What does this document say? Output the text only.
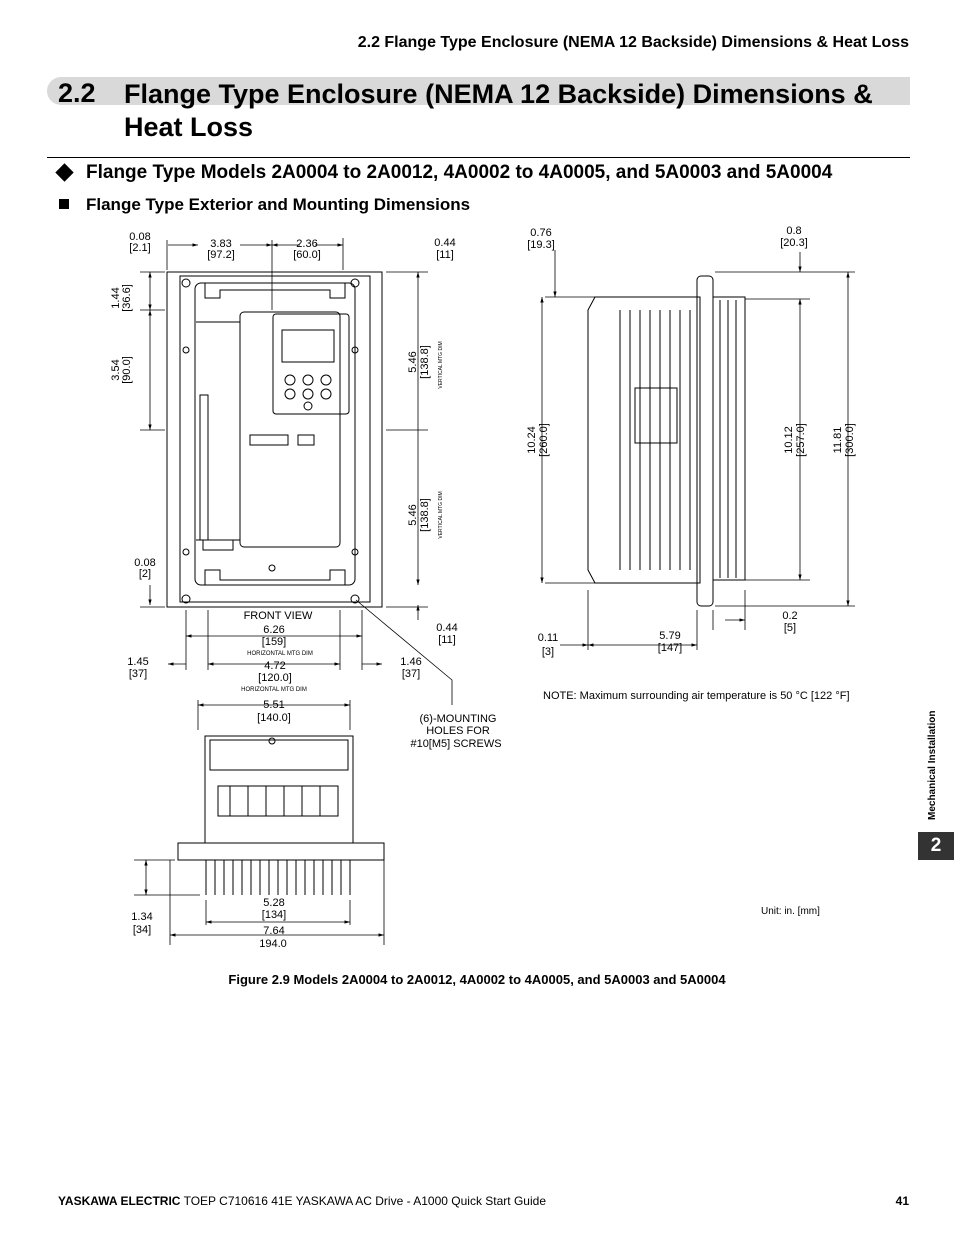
2.2 Flange Type Enclosure (NEMA 12 Backside) Dimensions & Heat Loss
2.2 Flange Type Enclosure (NEMA 12 Backside) Dimensions & Heat Loss
Flange Type Models 2A0004 to 2A0012, 4A0002 to 4A0005, and 5A0003 and 5A0004
Flange Type Exterior and Mounting Dimensions
0.08
[2.1]	3.83
[97.2]
2.36
[60.0]
0.44
[11]
0.08
[2]
0.44
[11]
FRONT VIEW
6.26
[159]
HORIZONTAL MTG DIM
4.72
[120.0]
HORIZONTAL MTG DIM
1.45
[37]
1.46
[37]
(6)-MOUNTING
HOLES FOR
#10[M5] SCREWS
1.44 [36.6]
3.54 [90.0]	5.46 [138.8] VERTICAL MTG DIM
5.46 [138.8] VERTICAL MTG DIM
5.51
[140.0]
1.34
[34]
5.28
[134]
7.64
194.0
0.76
[19.3]
0.8
[20.3]
0.2
[5]
0.11
[3]
5.79
[147]
10.24 [260.0]	10.12 [257.0] 11.81 [300.0]
NOTE: Maximum surrounding air temperature is 50 °C [122 °F]
Unit: in. [mm]
Figure 2.9 Models 2A0004 to 2A0012, 4A0002 to 4A0005, and 5A0003 and 5A0004
Mechanical Installation
2
YASKAWA ELECTRIC TOEP C710616 41E YASKAWA AC Drive - A1000 Quick Start Guide	41
